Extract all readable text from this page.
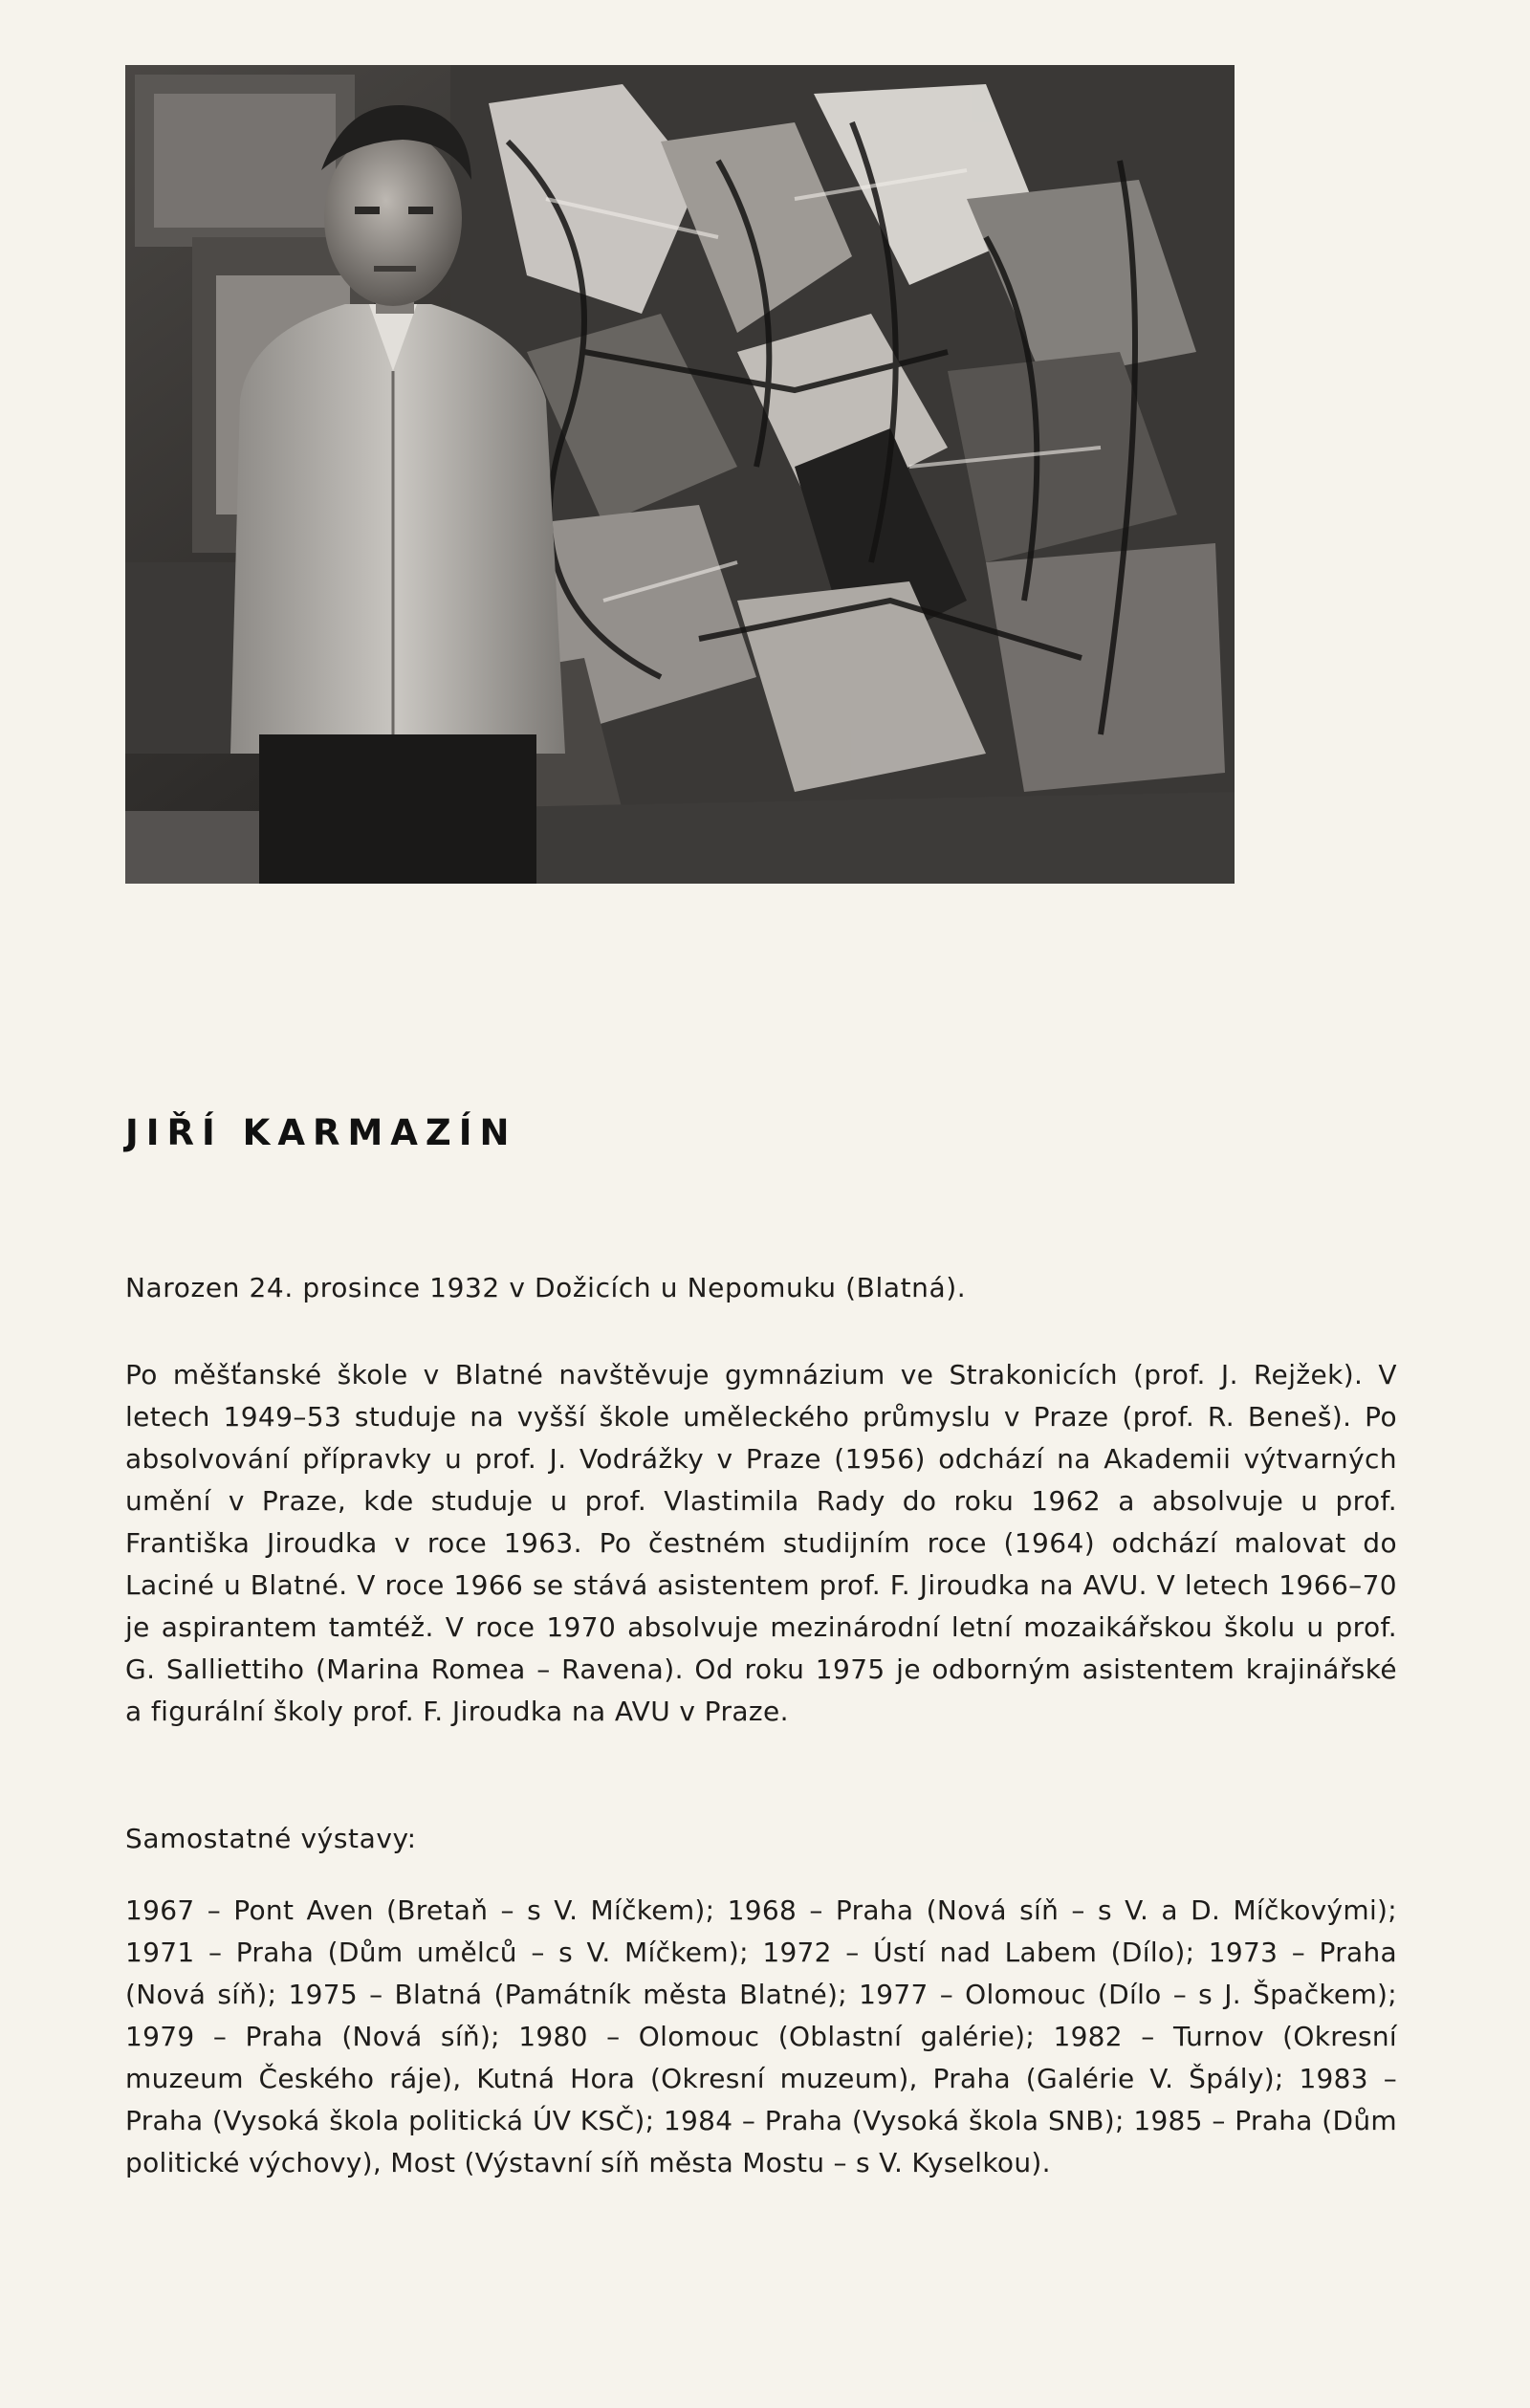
JIŘÍ KARMAZÍN

Narozen 24. prosince 1932 v Dožicích u Nepomuku (Blatná).

Po měšťanské škole v Blatné navštěvuje gymnázium ve Strakonicích (prof. J. Rejžek). V letech 1949–53 studuje na vyšší škole uměleckého průmyslu v Praze (prof. R. Beneš). Po absolvování přípravky u prof. J. Vodrážky v Praze (1956) odchází na Akademii výtvarných umění v Praze, kde studuje u prof. Vlastimila Rady do roku 1962 a absolvuje u prof. Františka Jiroudka v roce 1963. Po čestném studijním roce (1964) odchází malovat do Laciné u Blatné. V roce 1966 se stává asistentem prof. F. Jiroudka na AVU. V letech 1966–70 je aspirantem tamtéž. V roce 1970 absolvuje mezinárodní letní mozaikářskou školu u prof. G. Salliettiho (Marina Romea – Ravena). Od roku 1975 je odborným asistentem krajinářské a figurální školy prof. F. Jiroudka na AVU v Praze.

Samostatné výstavy:

1967 – Pont Aven (Bretaň – s V. Míčkem); 1968 – Praha (Nová síň – s V. a D. Míčkovými); 1971 – Praha (Dům umělců – s V. Míčkem); 1972 – Ústí nad Labem (Dílo); 1973 – Praha (Nová síň); 1975 – Blatná (Památník města Blatné); 1977 – Olomouc (Dílo – s J. Špačkem); 1979 – Praha (Nová síň); 1980 – Olomouc (Oblastní galérie); 1982 – Turnov (Okresní muzeum Českého ráje), Kutná Hora (Okresní muzeum), Praha (Galérie V. Špály); 1983 – Praha (Vysoká škola politická ÚV KSČ); 1984 – Praha (Vysoká škola SNB); 1985 – Praha (Dům politické výchovy), Most (Výstavní síň města Mostu – s V. Kyselkou).
